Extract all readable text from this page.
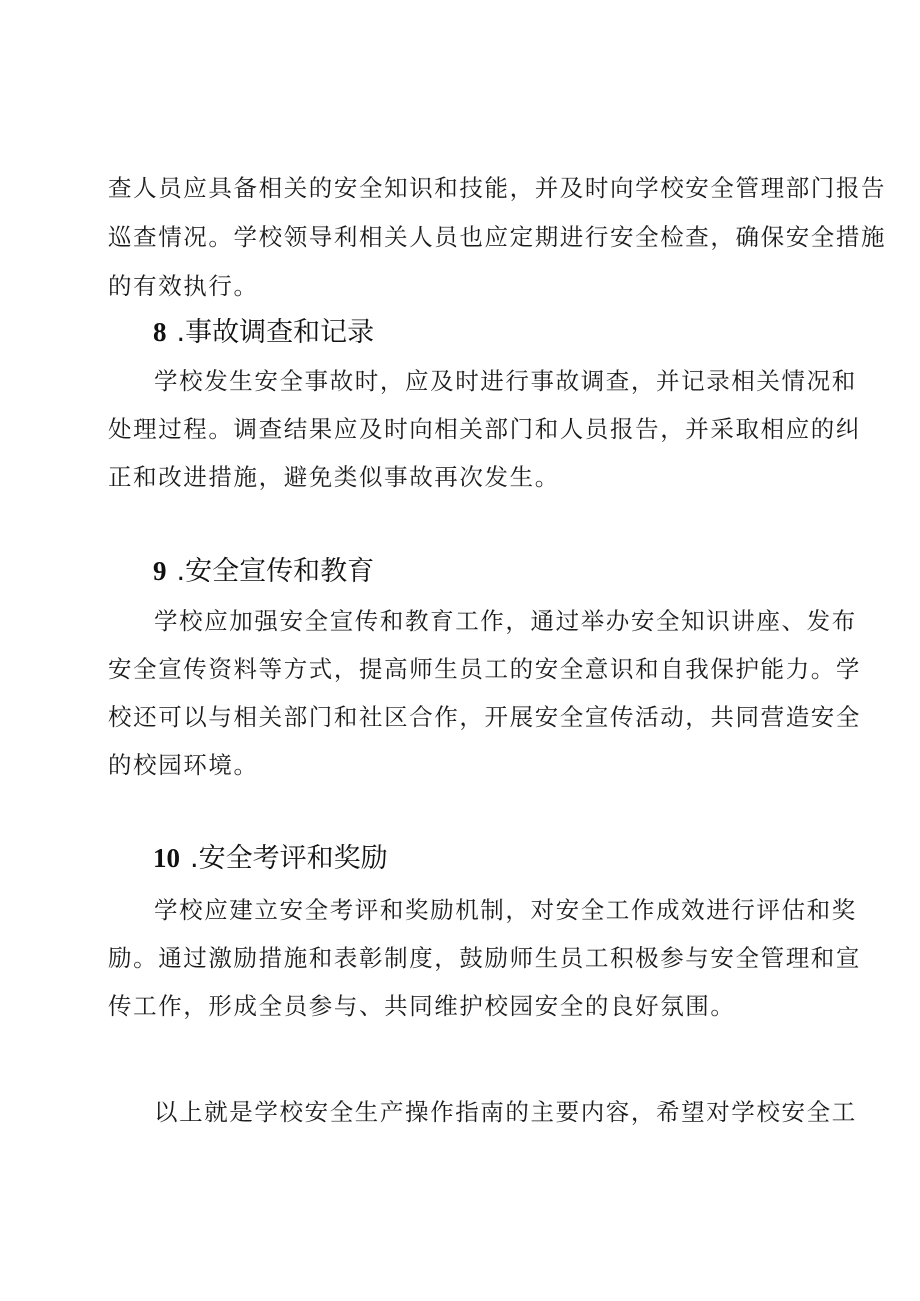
查人员应具备相关的安全知识和技能，并及时向学校安全管理部门报告
巡查情况。学校领导利相关人员也应定期进行安全检查，确保安全措施
的有效执行。
8 .事故调查和记录
学校发生安全事故时，应及时进行事故调查，并记录相关情况和
处理过程。调查结果应及时向相关部门和人员报告，并采取相应的纠
正和改进措施，避免类似事故再次发生。
9 .安全宣传和教育
学校应加强安全宣传和教育工作，通过举办安全知识讲座、发布
安全宣传资料等方式，提高师生员工的安全意识和自我保护能力。学
校还可以与相关部门和社区合作，开展安全宣传活动，共同营造安全
的校园环境。
10 .安全考评和奖励
学校应建立安全考评和奖励机制，对安全工作成效进行评估和奖
励。通过激励措施和表彰制度，鼓励师生员工积极参与安全管理和宣
传工作，形成全员参与、共同维护校园安全的良好氛围。
以上就是学校安全生产操作指南的主要内容，希望对学校安全工
